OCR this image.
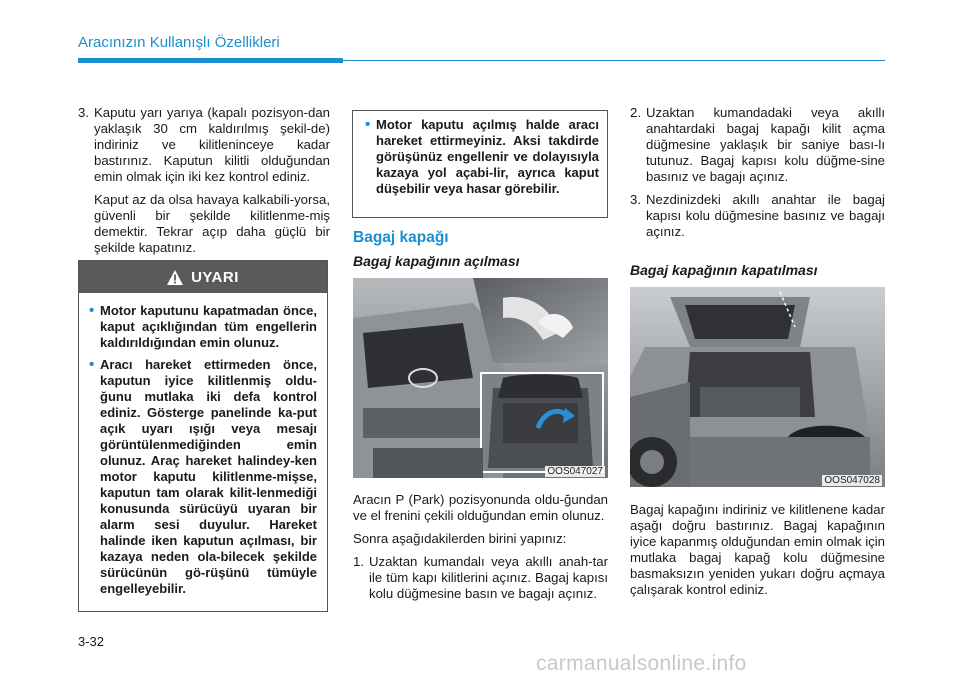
Aracınızın Kullanışlı Özellikleri
3. Kaputu yarı yarıya (kapalı pozisyon-dan yaklaşık 30 cm kaldırılmış şekil-de) indiriniz ve kilitleninceye kadar bastırınız. Kaputun kilitli olduğundan emin olmak için iki kez kontrol ediniz.

Kaput az da olsa havaya kalkabili-yorsa, güvenli bir şekilde kilitlenme-miş demektir. Tekrar açıp daha güçlü bir şekilde kapatınız.

UYARI
• Motor kaputunu kapatmadan önce, kaput açıklığından tüm engellerin kaldırıldığından emin olunuz.
• Aracı hareket ettirmeden önce, kaputun iyice kilitlenmiş oldu-ğunu mutlaka iki defa kontrol ediniz. Gösterge panelinde ka-put açık uyarı ışığı veya mesajı görüntülenmediğinden emin olunuz. Araç hareket halindey-ken motor kaputu kilitlenme-mişse, kaputun tam olarak kilit-lenmediği konusunda sürücüyü uyaran bir alarm sesi duyulur. Hareket halinde iken kaputun açılması, bir kazaya neden ola-bilecek şekilde sürücünün gö-rüşünü tümüyle engelleyebilir.
• Motor kaputu açılmış halde aracı hareket ettirmeyiniz. Aksi takdirde görüşünüz engellenir ve dolayısıyla kazaya yol açabi-lir, ayrıca kaput düşebilir veya hasar görebilir.
Bagaj kapağı
Bagaj kapağının açılması
OOS047027

Aracın P (Park) pozisyonunda oldu-ğundan ve el frenini çekili olduğundan emin olunuz.

Sonra aşağıdakilerden birini yapınız:

1. Uzaktan kumandalı veya akıllı anah-tar ile tüm kapı kilitlerini açınız. Bagaj kapısı kolu düğmesine basın ve bagajı açınız.
2. Uzaktan kumandadaki veya akıllı anahtardaki bagaj kapağı kilit açma düğmesine yaklaşık bir saniye bası-lı tutunuz. Bagaj kapısı kolu düğme-sine basınız ve bagajı açınız.
3. Nezdinizdeki akıllı anahtar ile bagaj kapısı kolu düğmesine basınız ve bagajı açınız.
Bagaj kapağının kapatılması
OOS047028

Bagaj kapağını indiriniz ve kilitlenene kadar aşağı doğru bastırınız. Bagaj kapağının iyice kapanmış olduğundan emin olmak için mutlaka bagaj kapağ kolu düğmesine basmaksızın yeniden yukarı doğru açmaya çalışarak kontrol ediniz.

3-32
carmanualsonline.info
